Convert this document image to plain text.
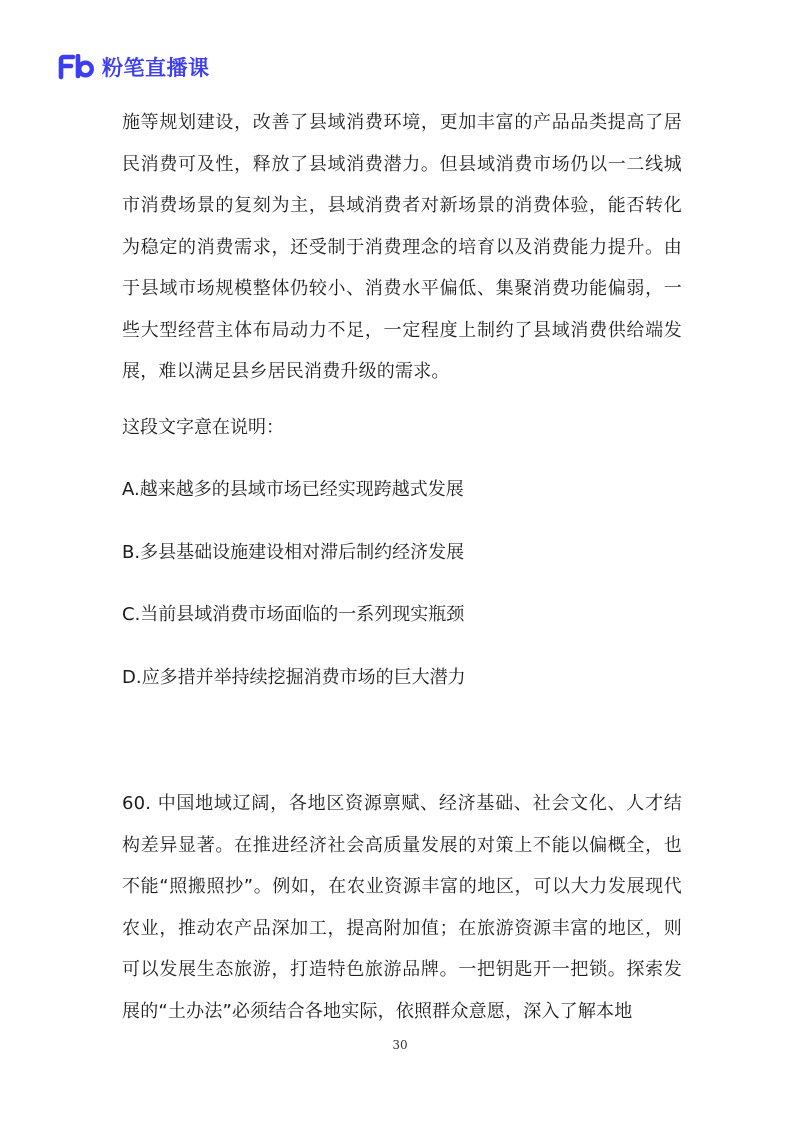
粉笔直播课

施等规划建设，改善了县域消费环境，更加丰富的产品品类提高了居民消费可及性，释放了县域消费潜力。但县域消费市场仍以一二线城市消费场景的复刻为主，县域消费者对新场景的消费体验，能否转化为稳定的消费需求，还受制于消费理念的培育以及消费能力提升。由于县域市场规模整体仍较小、消费水平偏低、集聚消费功能偏弱，一些大型经营主体布局动力不足，一定程度上制约了县域消费供给端发展，难以满足县乡居民消费升级的需求。

这段文字意在说明：

A.越来越多的县域市场已经实现跨越式发展
B.多县基础设施建设相对滞后制约经济发展
C.当前县域消费市场面临的一系列现实瓶颈
D.应多措并举持续挖掘消费市场的巨大潜力

60. 中国地域辽阔，各地区资源禀赋、经济基础、社会文化、人才结构差异显著。在推进经济社会高质量发展的对策上不能以偏概全，也不能“照搬照抄”。例如，在农业资源丰富的地区，可以大力发展现代农业，推动农产品深加工，提高附加值；在旅游资源丰富的地区，则可以发展生态旅游，打造特色旅游品牌。一把钥匙开一把锁。探索发展的“土办法”必须结合各地实际，依照群众意愿，深入了解本地

30
